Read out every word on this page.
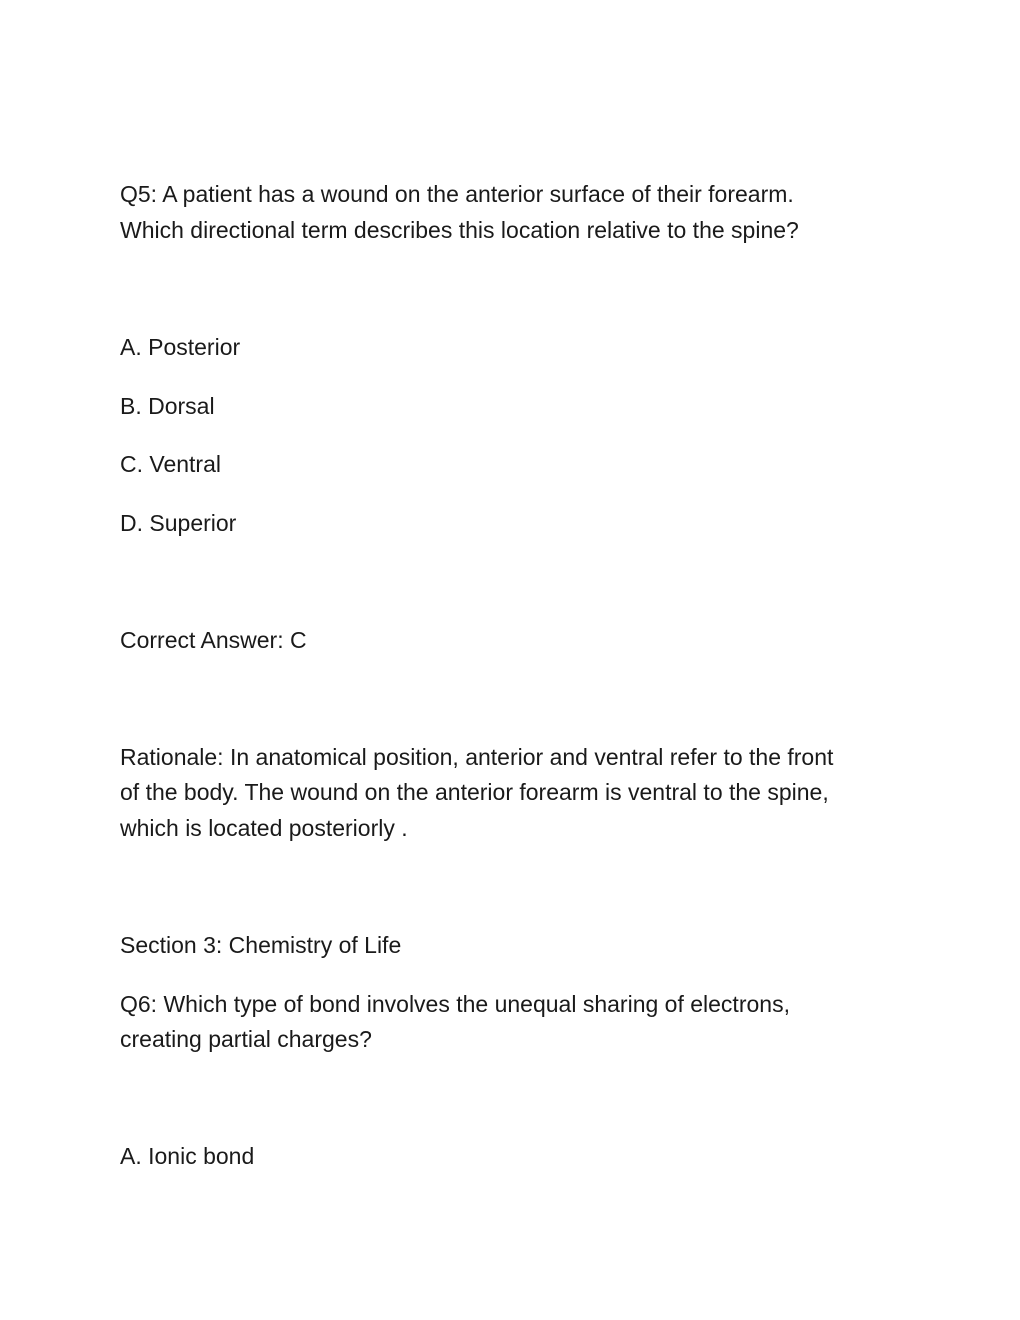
Q5: A patient has a wound on the anterior surface of their forearm.

Which directional term describes this location relative to the spine?

A. Posterior

B. Dorsal

C. Ventral

D. Superior

Correct Answer: C

Rationale: In anatomical position, anterior and ventral refer to the front

of the body. The wound on the anterior forearm is ventral to the spine,

which is located posteriorly .

Section 3: Chemistry of Life

Q6: Which type of bond involves the unequal sharing of electrons,

creating partial charges?

A. Ionic bond
